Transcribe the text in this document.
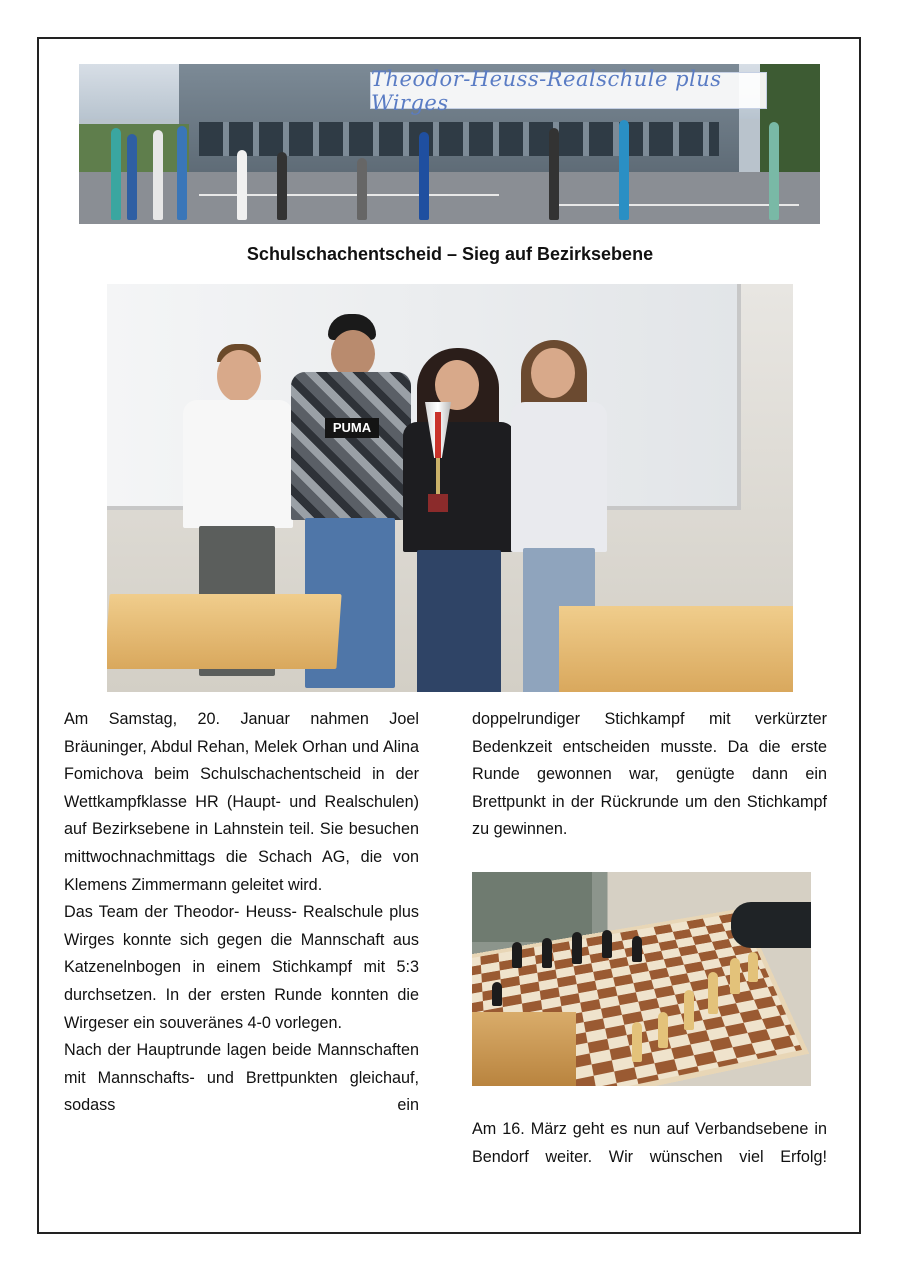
Theodor-Heuss-Realschule plus Wirges
Schulschachentscheid – Sieg auf Bezirksebene
PUMA

Am Samstag, 20. Januar nahmen Joel Bräuninger, Abdul Rehan, Melek Orhan und Alina Fomichova beim Schulschachentscheid in der Wettkampfklasse HR (Haupt- und Realschulen) auf Bezirksebene in Lahnstein teil. Sie besuchen mittwochnachmittags die Schach AG, die von Klemens Zimmermann geleitet wird.

Das Team der Theodor- Heuss- Realschule plus Wirges konnte sich gegen die Mannschaft aus Katzenelnbogen in einem Stichkampf mit 5:3 durchsetzen. In der ersten Runde konnten die Wirgeser ein souveränes 4-0 vorlegen.

Nach der Hauptrunde lagen beide Mannschaften mit Mannschafts- und Brettpunkten gleichauf, sodass ein

doppelrundiger Stichkampf mit verkürzter Bedenkzeit entscheiden musste. Da die erste Runde gewonnen war, genügte dann ein Brettpunkt in der Rückrunde um den Stichkampf zu gewinnen.

Am 16. März geht es nun auf Verbandsebene in Bendorf weiter. Wir wünschen viel Erfolg!
